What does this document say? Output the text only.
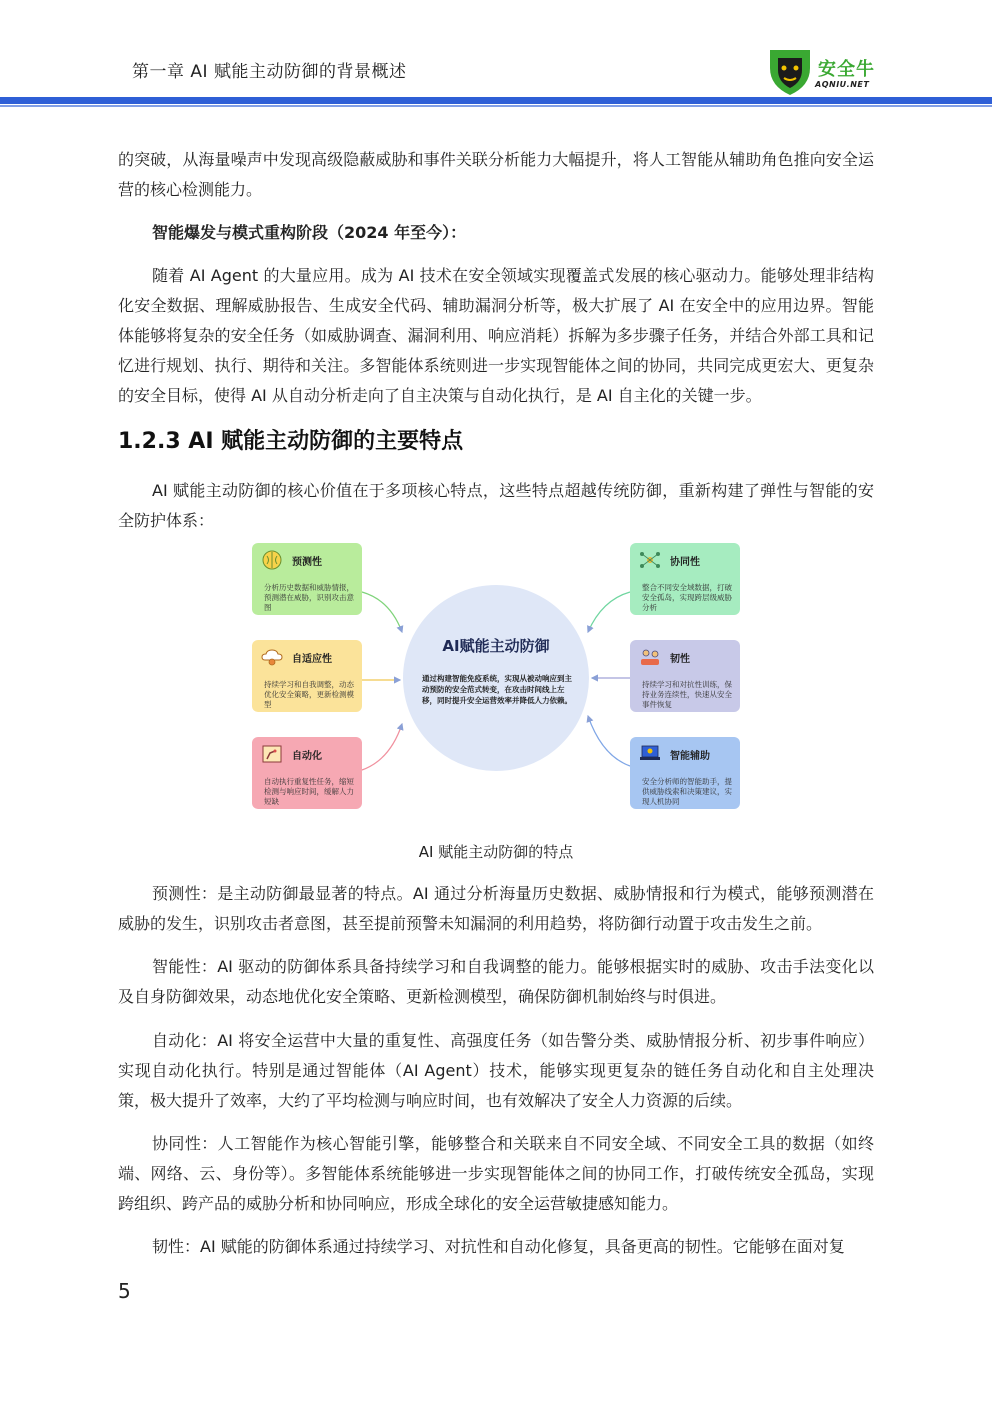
第一章 AI 赋能主动防御的背景概述	安全牛
AQNIU.NET

的突破，从海量噪声中发现高级隐蔽威胁和事件关联分析能力大幅提升，将人工智能从辅助角色推向安全运营的核心检测能力。

智能爆发与模式重构阶段（2024 年至今）：

随着 AI Agent 的大量应用。成为 AI 技术在安全领域实现覆盖式发展的核心驱动力。能够处理非结构化安全数据、理解威胁报告、生成安全代码、辅助漏洞分析等，极大扩展了 AI 在安全中的应用边界。智能体能够将复杂的安全任务（如威胁调查、漏洞利用、响应消耗）拆解为多步骤子任务，并结合外部工具和记忆进行规划、执行、期待和关注。多智能体系统则进一步实现智能体之间的协同，共同完成更宏大、更复杂的安全目标，使得 AI 从自动分析走向了自主决策与自动化执行，是 AI 自主化的关键一步。

1.2.3 AI 赋能主动防御的主要特点

AI 赋能主动防御的核心价值在于多项核心特点，这些特点超越传统防御，重新构建了弹性与智能的安全防护体系：

AI赋能主动防御
通过构建智能免疫系统，实现从被动响应到主动预防的安全范式转变，在攻击时间线上左移，同时提升安全运营效率并降低人力依赖。
预测性
分析历史数据和威胁情报，预测潜在威胁，识别攻击意图
自适应性
持续学习和自我调整，动态优化安全策略，更新检测模型
自动化
自动执行重复性任务，缩短检测与响应时间，缓解人力短缺
协同性
整合不同安全域数据，打破安全孤岛，实现跨层级威胁分析
韧性
持续学习和对抗性训练，保持业务连续性，快速从安全事件恢复
智能辅助
安全分析师的智能助手，提供威胁线索和决策建议，实现人机协同
AI 赋能主动防御的特点

预测性：是主动防御最显著的特点。AI 通过分析海量历史数据、威胁情报和行为模式，能够预测潜在威胁的发生，识别攻击者意图，甚至提前预警未知漏洞的利用趋势，将防御行动置于攻击发生之前。

智能性：AI 驱动的防御体系具备持续学习和自我调整的能力。能够根据实时的威胁、攻击手法变化以及自身防御效果，动态地优化安全策略、更新检测模型，确保防御机制始终与时俱进。

自动化：AI 将安全运营中大量的重复性、高强度任务（如告警分类、威胁情报分析、初步事件响应）实现自动化执行。特别是通过智能体（AI Agent）技术，能够实现更复杂的链任务自动化和自主处理决策，极大提升了效率，大约了平均检测与响应时间，也有效解决了安全人力资源的后续。

协同性：人工智能作为核心智能引擎，能够整合和关联来自不同安全域、不同安全工具的数据（如终端、网络、云、身份等）。多智能体系统能够进一步实现智能体之间的协同工作，打破传统安全孤岛，实现跨组织、跨产品的威胁分析和协同响应，形成全球化的安全运营敏捷感知能力。

韧性：AI 赋能的防御体系通过持续学习、对抗性和自动化修复，具备更高的韧性。它能够在面对复

5
